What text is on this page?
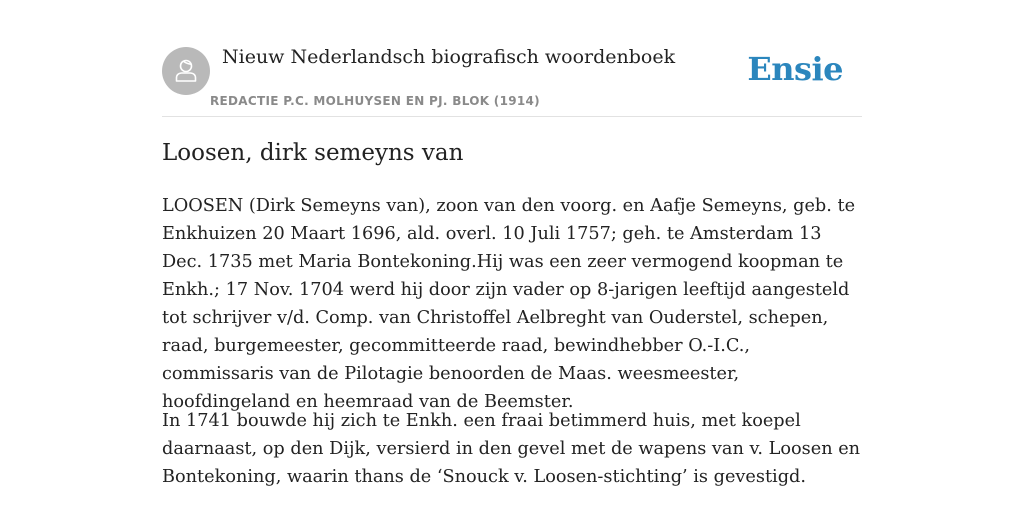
Nieuw Nederlandsch biografisch woordenboek
REDACTIE P.C. MOLHUYSEN EN PJ. BLOK (1914)
Ensie
Loosen, dirk semeyns van

LOOSEN (Dirk Semeyns van), zoon van den voorg. en Aafje Semeyns, geb. te Enkhuizen 20 Maart 1696, ald. overl. 10 Juli 1757; geh. te Amsterdam 13 Dec. 1735 met Maria Bontekoning.Hij was een zeer vermogend koopman te Enkh.; 17 Nov. 1704 werd hij door zijn vader op 8-jarigen leeftijd aangesteld tot schrijver v/d. Comp. van Christoffel Aelbreght van Ouderstel, schepen, raad, burgemeester, gecommitteerde raad, bewindhebber O.-I.C., commissaris van de Pilotagie benoorden de Maas. weesmeester, hoofdingeland en heemraad van de Beemster.

In 1741 bouwde hij zich te Enkh. een fraai betimmerd huis, met koepel daarnaast, op den Dijk, versierd in den gevel met de wapens van v. Loosen en Bontekoning, waarin thans de ‘Snouck v. Loosen-stichting’ is gevestigd.
